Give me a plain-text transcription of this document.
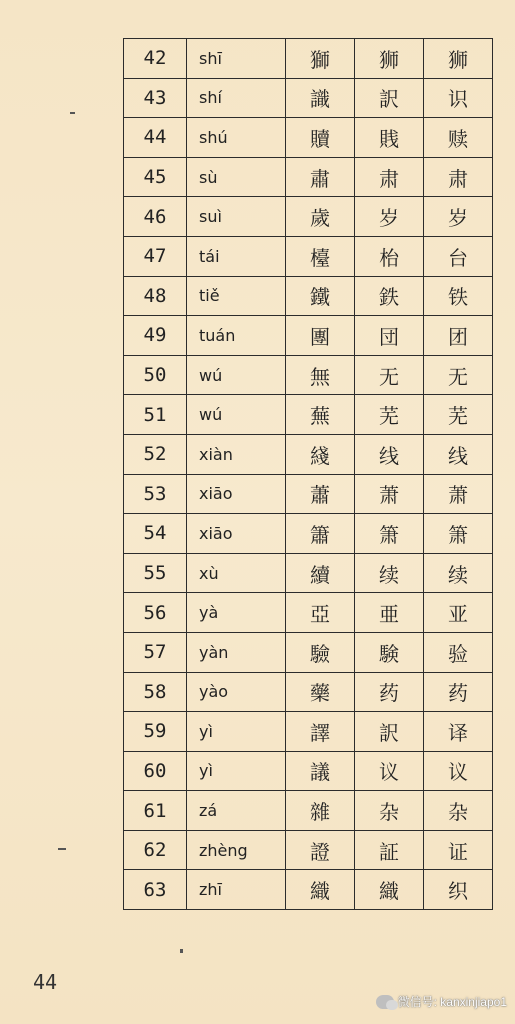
42	shī	獅	狮	狮
43	shí	識	訳	识
44	shú	贖	賎	赎
45	sù	肅	肃	肃
46	suì	歲	岁	岁
47	tái	檯	枱	台
48	tiě	鐵	鉄	铁
49	tuán	團	団	团
50	wú	無	无	无
51	wú	蕪	芜	芜
52	xiàn	綫	线	线
53	xiāo	蕭	萧	萧
54	xiāo	簫	箫	箫
55	xù	續	续	续
56	yà	亞	亜	亚
57	yàn	驗	験	验
58	yào	藥	药	药
59	yì	譯	訳	译
60	yì	議	议	议
61	zá	雜	杂	杂
62	zhèng	證	証	证
63	zhī	織	織	织
44
微信号: kanxinjiapo1
